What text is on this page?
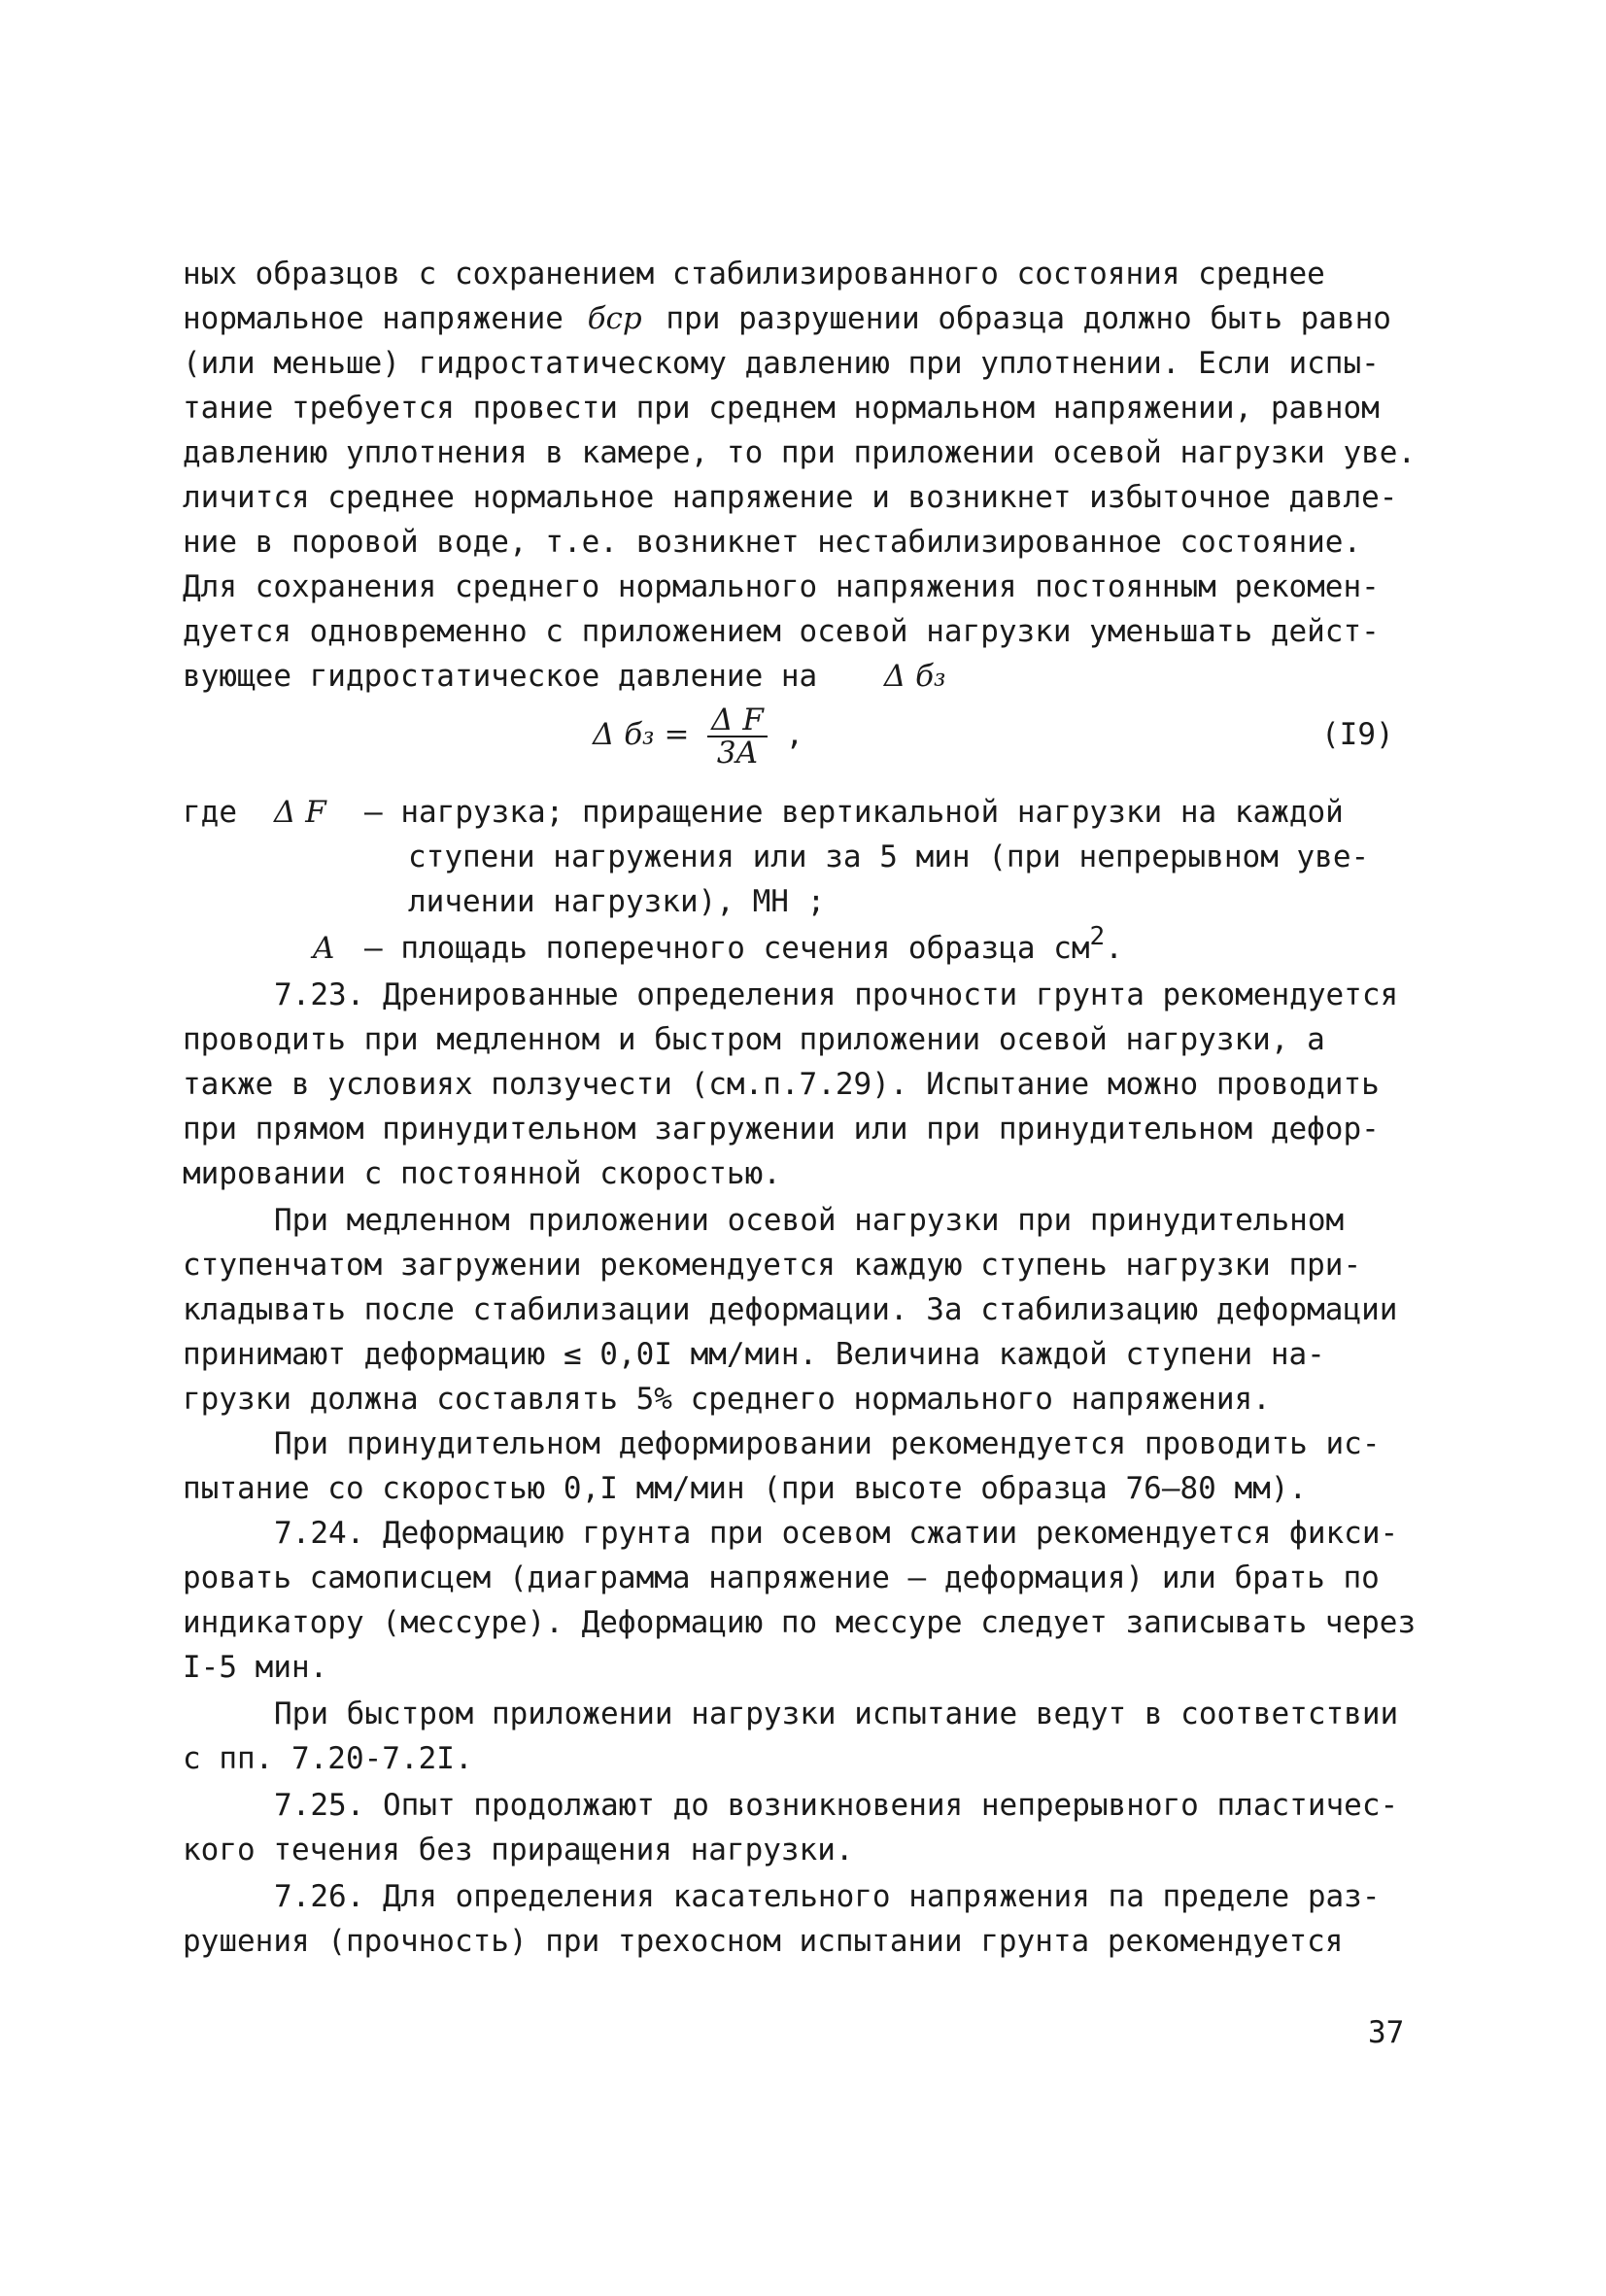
ных образцов с сохранением стабилизированного состояния среднее
нормальное напряжение бср при разрушении образца должно быть равно
(или меньше) гидростатическому давлению при уплотнении. Если испы-
тание требуется провести при среднем нормальном напряжении, равном
давлению уплотнения в камере, то при приложении осевой нагрузки уве.
личится среднее нормальное напряжение и возникнет избыточное давле-
ние в поровой воде, т.е. возникнет нестабилизированное состояние.
Для сохранения среднего нормального напряжения постоянным рекомен-
дуется одновременно с приложением осевой нагрузки уменьшать дейст-
вующее гидростатическое давление на Δ б₃
Δ $б_3 = \frac{\text{Δ F}}{3A}$ ,	(I9)
где Δ F – нагрузка; приращение вертикальной нагрузки на каждой
ступени нагружения или за 5 мин (при непрерывном уве-
личении нагрузки), МН ;
A – площадь поперечного сечения образца $см^2$.
7.23. Дренированные определения прочности грунта рекомендуется
проводить при медленном и быстром приложении осевой нагрузки, а
также в условиях ползучести (см.п.7.29). Испытание можно проводить
при прямом принудительном загружении или при принудительном дефор-
мировании с постоянной скоростью.
При медленном приложении осевой нагрузки при принудительном
ступенчатом загружении рекомендуется каждую ступень нагрузки при-
кладывать после стабилизации деформации. За стабилизацию деформации
принимают деформацию ≤ 0,0I мм/мин. Величина каждой ступени на-
грузки должна составлять 5% среднего нормального напряжения.
При принудительном деформировании рекомендуется проводить ис-
пытание со скоростью 0,I мм/мин (при высоте образца 76–80 мм).
7.24. Деформацию грунта при осевом сжатии рекомендуется фикси-
ровать самописцем (диаграмма напряжение – деформация) или брать по
индикатору (мессуре). Деформацию по мессуре следует записывать через
I-5 мин.
При быстром приложении нагрузки испытание ведут в соответствии
с пп. 7.20-7.2I.
7.25. Опыт продолжают до возникновения непрерывного пластичес-
кого течения без приращения нагрузки.
7.26. Для определения касательного напряжения па пределе раз-
рушения (прочность) при трехосном испытании грунта рекомендуется
37
